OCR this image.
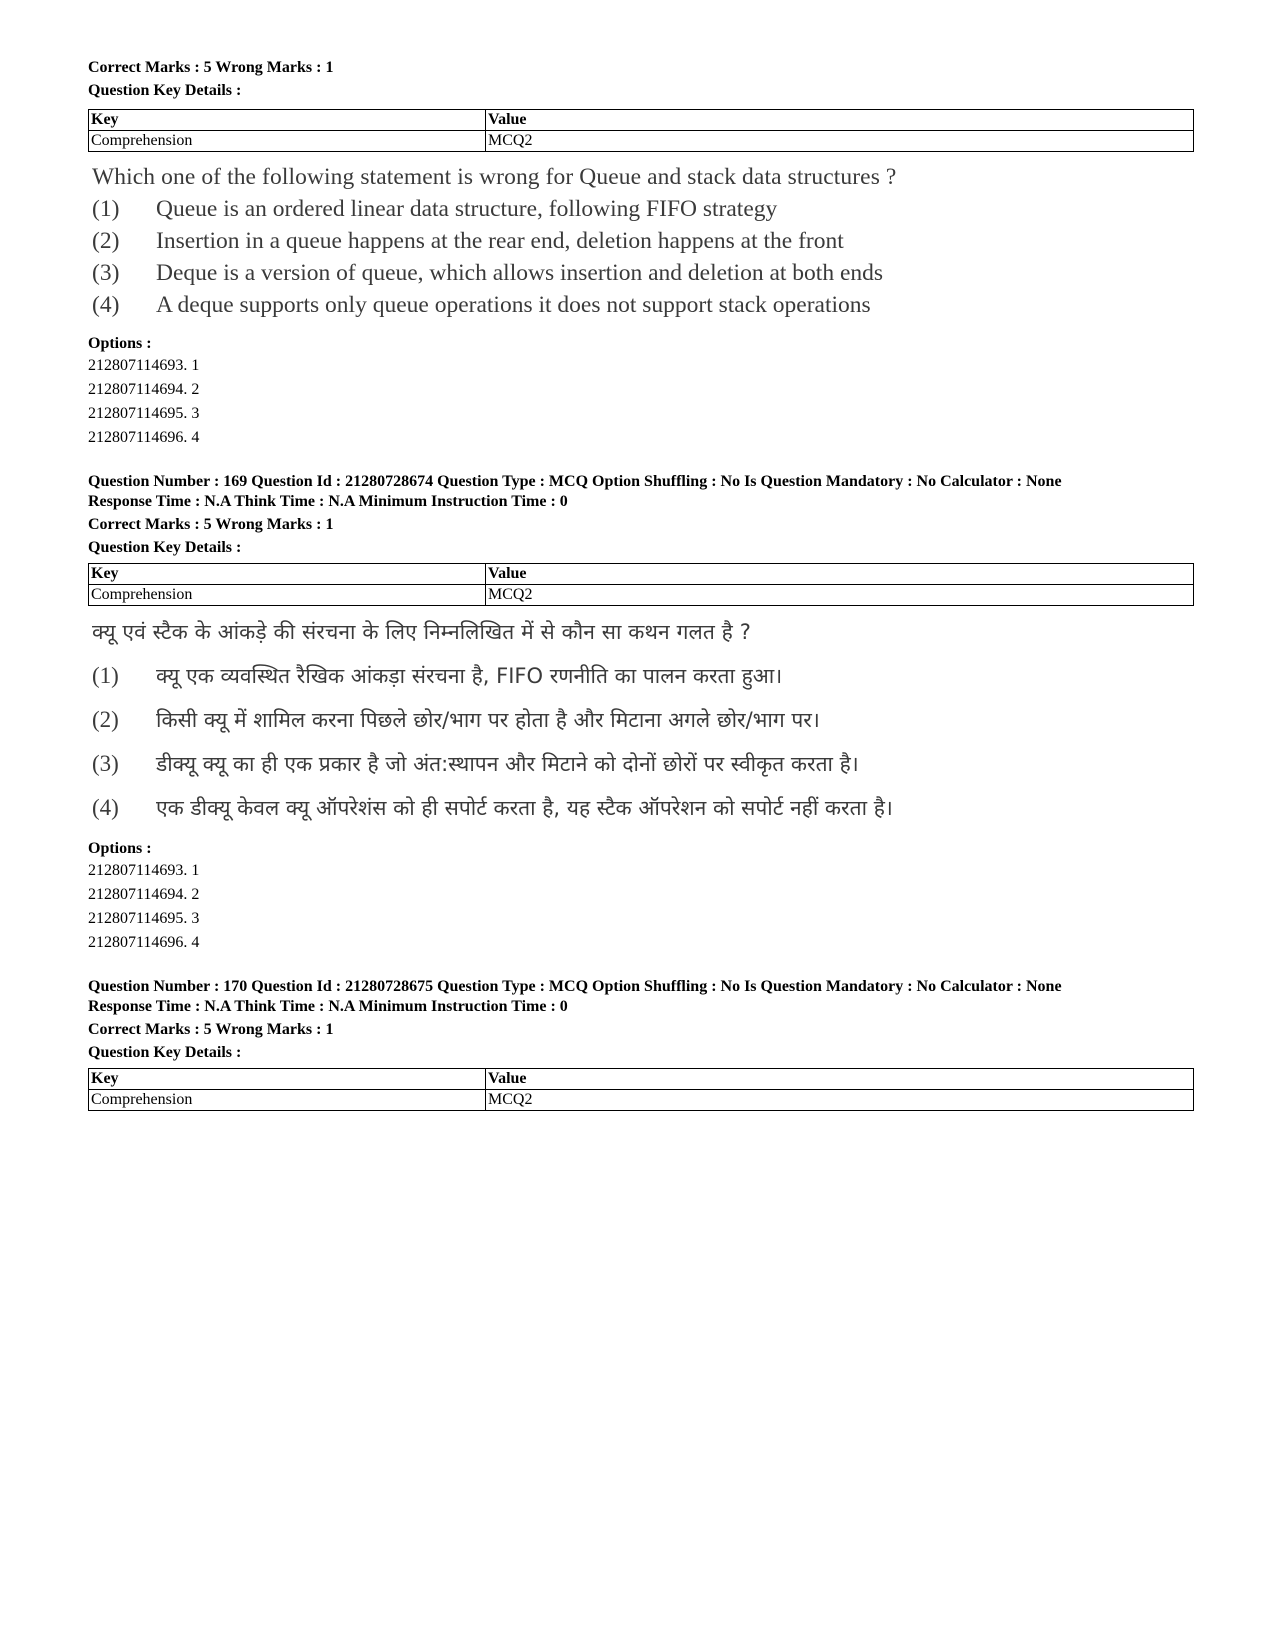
Correct Marks : 5 Wrong Marks : 1
Question Key Details :
Key	Value
Comprehension	MCQ2
Which one of the following statement is wrong for Queue and stack data structures ?
(1) Queue is an ordered linear data structure, following FIFO strategy
(2) Insertion in a queue happens at the rear end, deletion happens at the front
(3) Deque is a version of queue, which allows insertion and deletion at both ends
(4) A deque supports only queue operations it does not support stack operations
Options :
212807114693. 1
212807114694. 2
212807114695. 3
212807114696. 4
Question Number : 169 Question Id : 21280728674 Question Type : MCQ Option Shuffling : No Is Question Mandatory : No Calculator : None
Response Time : N.A Think Time : N.A Minimum Instruction Time : 0
Correct Marks : 5 Wrong Marks : 1
Question Key Details :
Key	Value
Comprehension	MCQ2
क्यू एवं स्टैक के आंकड़े की संरचना के लिए निम्नलिखित में से कौन सा कथन गलत है ?
(1) क्यू एक व्यवस्थित रैखिक आंकड़ा संरचना है, FIFO रणनीति का पालन करता हुआ।
(2) किसी क्यू में शामिल करना पिछले छोर/भाग पर होता है और मिटाना अगले छोर/भाग पर।
(3) डीक्यू क्यू का ही एक प्रकार है जो अंत:स्थापन और मिटाने को दोनों छोरों पर स्वीकृत करता है।
(4) एक डीक्यू केवल क्यू ऑपरेशंस को ही सपोर्ट करता है, यह स्टैक ऑपरेशन को सपोर्ट नहीं करता है।
Options :
212807114693. 1
212807114694. 2
212807114695. 3
212807114696. 4
Question Number : 170 Question Id : 21280728675 Question Type : MCQ Option Shuffling : No Is Question Mandatory : No Calculator : None
Response Time : N.A Think Time : N.A Minimum Instruction Time : 0
Correct Marks : 5 Wrong Marks : 1
Question Key Details :
Key	Value
Comprehension	MCQ2
